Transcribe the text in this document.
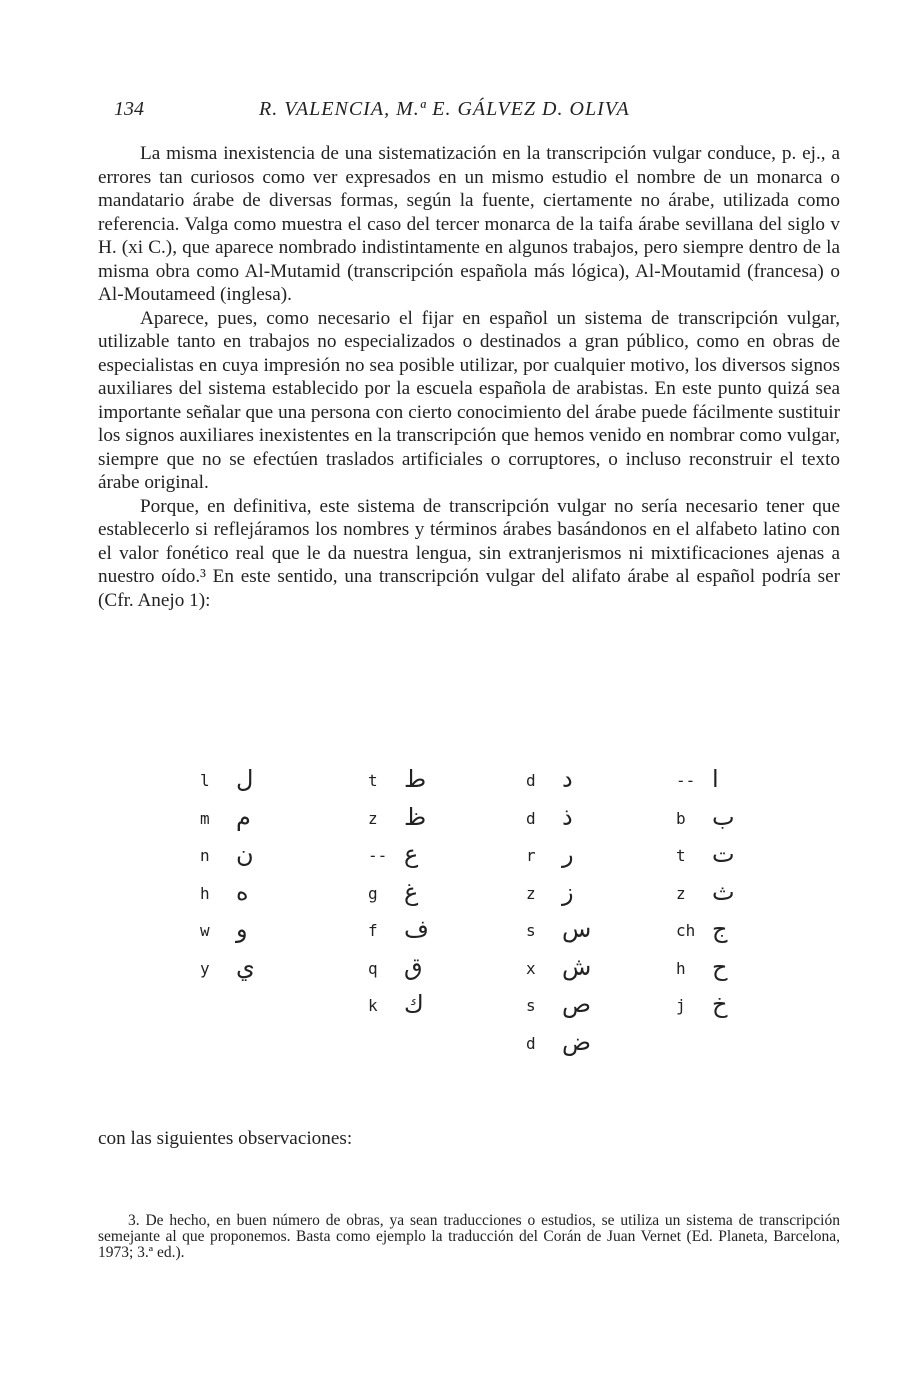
134	R. VALENCIA, M.ª E. GÁLVEZ D. OLIVA

La misma inexistencia de una sistematización en la transcripción vulgar conduce, p. ej., a errores tan curiosos como ver expresados en un mismo estudio el nombre de un monarca o mandatario árabe de diversas formas, según la fuente, ciertamente no árabe, utilizada como referencia. Valga como muestra el caso del tercer monarca de la taifa árabe sevillana del siglo v H. (xi C.), que aparece nombrado indistintamente en algunos trabajos, pero siempre dentro de la misma obra como Al-Mutamid (transcripción española más lógica), Al-Moutamid (francesa) o Al-Moutameed (inglesa).

Aparece, pues, como necesario el fijar en español un sistema de transcripción vulgar, utilizable tanto en trabajos no especializados o destinados a gran público, como en obras de especialistas en cuya impresión no sea posible utilizar, por cualquier motivo, los diversos signos auxiliares del sistema establecido por la escuela española de arabistas. En este punto quizá sea importante señalar que una persona con cierto conocimiento del árabe puede fácilmente sustituir los signos auxiliares inexistentes en la transcripción que hemos venido en nombrar como vulgar, siempre que no se efectúen traslados artificiales o corruptores, o incluso reconstruir el texto árabe original.

Porque, en definitiva, este sistema de transcripción vulgar no sería necesario tener que establecerlo si reflejáramos los nombres y términos árabes basándonos en el alfabeto latino con el valor fonético real que le da nuestra lengua, sin extranjerismos ni mixtificaciones ajenas a nuestro oído.³ En este sentido, una transcripción vulgar del alifato árabe al español podría ser (Cfr. Anejo 1):

l ل
m م
n ن
h ه
w و
y ي
t ط
z ظ
-- ع
g غ
f ف
q ق
k ك
d د
d ذ
r ر
z ز
s س
x ش
s ص
d ض
-- ا
b ب
t ت
z ث
ch ج
h ح
j خ
con las siguientes observaciones:

3. De hecho, en buen número de obras, ya sean traducciones o estudios, se utiliza un sistema de transcripción semejante al que proponemos. Basta como ejemplo la traducción del Corán de Juan Vernet (Ed. Planeta, Barcelona, 1973; 3.ª ed.).
